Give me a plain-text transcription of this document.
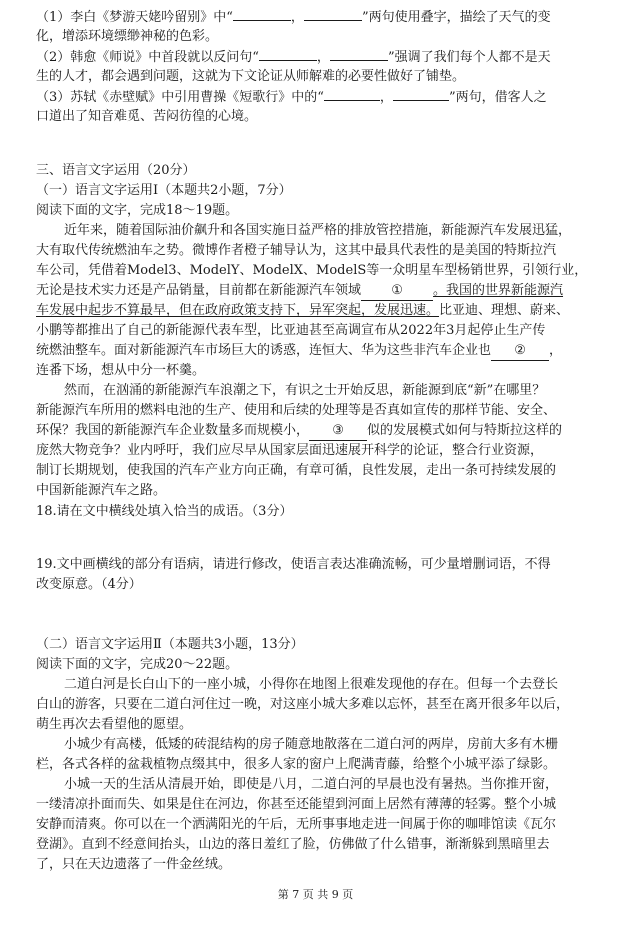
（1）李白《梦游天姥吟留别》中“	，	”两句使用叠字，描绘了天气的变
化，增添环境缥缈神秘的色彩。
（2）韩愈《师说》中首段就以反问句“	，	”强调了我们每个人都不是天
生的人才，都会遇到问题，这就为下文论证从师解难的必要性做好了铺垫。
（3）苏轼《赤壁赋》中引用曹操《短歌行》中的“	，	”两句，借客人之
口道出了知音难觅、苦闷彷徨的心境。
三、语言文字运用（20分）
（一）语言文字运用Ⅰ（本题共2小题，7分）
阅读下面的文字，完成18～19题。
近年来，随着国际油价飙升和各国实施日益严格的排放管控措施，新能源汽车发展迅猛，
大有取代传统燃油车之势。微博作者橙子辅导认为，这其中最具代表性的是美国的特斯拉汽
车公司，凭借着Model3、ModelY、ModelX、ModelS等一众明星车型杨销世界，引领行业，
无论是技术实力还是产品销量，目前都在新能源汽车领域 ① 。我国的世界新能源汽
车发展中起步不算最早，但在政府政策支持下，异军突起，发展迅速。比亚迪、理想、蔚来、
小鹏等都推出了自己的新能源代表车型，比亚迪甚至高调宣布从2022年3月起停止生产传
统燃油整车。面对新能源汽车市场巨大的诱惑，连恒大、华为这些非汽车企业也 ② ，
连番下场，想从中分一杯羹。
然而，在汹涌的新能源汽车浪潮之下，有识之士开始反思，新能源到底“新”在哪里？
新能源汽车所用的燃料电池的生产、使用和后续的处理等是否真如宣传的那样节能、安全、
环保？我国的新能源汽车企业数量多而规模小， ③ 似的发展模式如何与特斯拉这样的
庞然大物竞争？业内呼吁，我们应尽早从国家层面迅速展开科学的论证，整合行业资源，
制订长期规划，使我国的汽车产业方向正确，有章可循，良性发展，走出一条可持续发展的
中国新能源汽车之路。
18.请在文中横线处填入恰当的成语。（3分）
19.文中画横线的部分有语病，请进行修改，使语言表达准确流畅，可少量增删词语，不得
改变原意。（4分）
（二）语言文字运用Ⅱ（本题共3小题，13分）
阅读下面的文字，完成20～22题。
二道白河是长白山下的一座小城，小得你在地图上很难发现他的存在。但每一个去登长
白山的游客，只要在二道白河住过一晚，对这座小城大多难以忘怀，甚至在离开很多年以后，
萌生再次去看望他的愿望。
小城少有高楼，低矮的砖混结构的房子随意地散落在二道白河的两岸，房前大多有木栅
栏，各式各样的盆栽植物点缀其中，很多人家的窗户上爬满青藤，给整个小城平添了绿影。
小城一天的生活从清晨开始，即使是八月，二道白河的早晨也没有暑热。当你推开窗，
一缕清凉扑面而失、如果是住在河边，你甚至还能望到河面上居然有薄薄的轻雾。整个小城
安静而清爽。你可以在一个洒满阳光的午后，无所事事地走进一间属于你的咖啡馆读《瓦尔
登湖》。直到不经意间抬头，山边的落日羞红了脸，仿佛做了什么错事，渐渐躲到黑暗里去
了，只在天边遗落了一件金丝绒。
第 7 页 共 9 页
